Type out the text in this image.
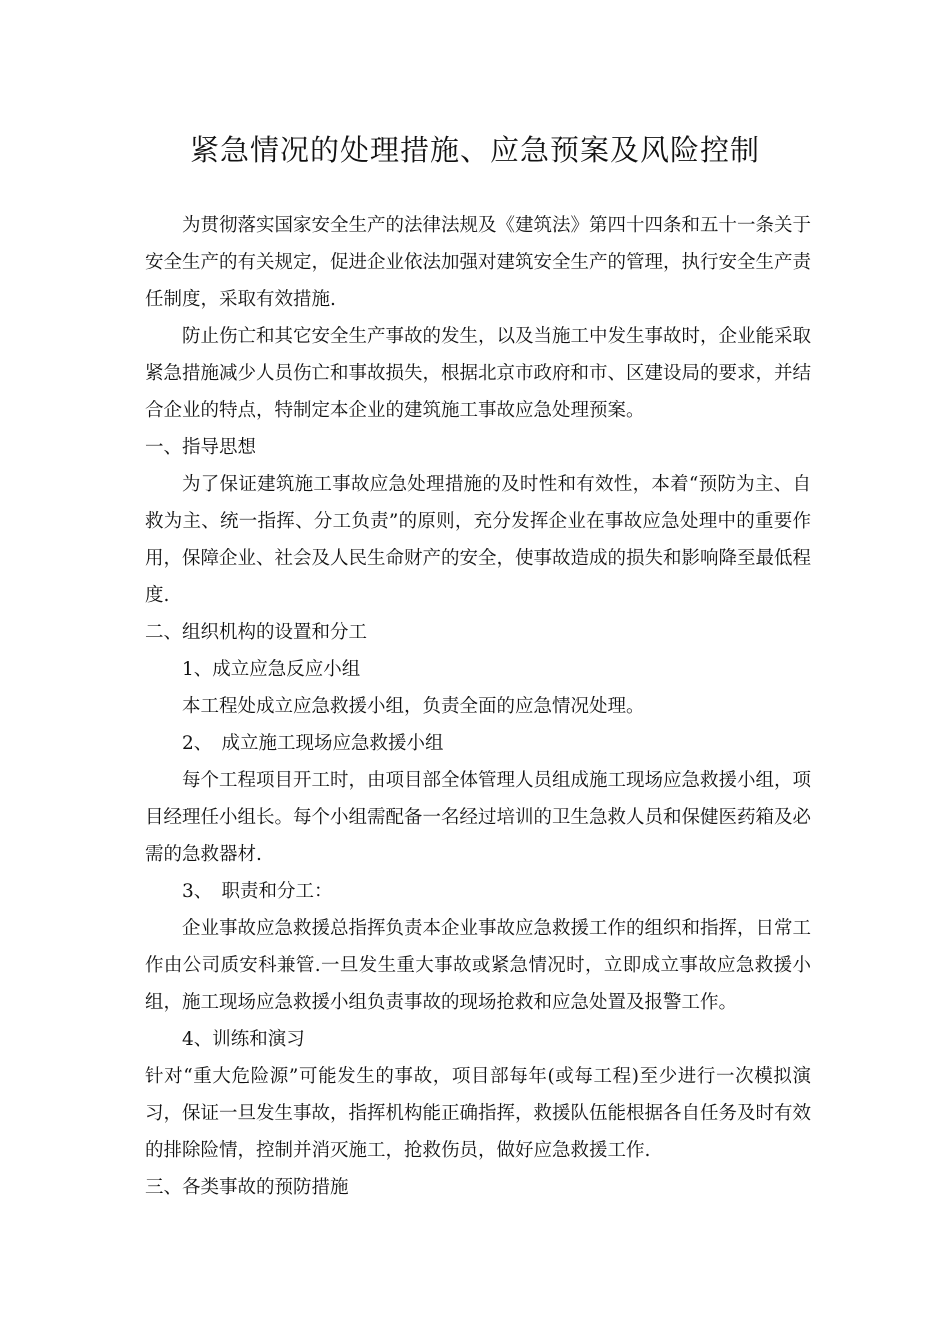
紧急情况的处理措施、应急预案及风险控制

为贯彻落实国家安全生产的法律法规及《建筑法》第四十四条和五十一条关于安全生产的有关规定，促进企业依法加强对建筑安全生产的管理，执行安全生产责任制度，采取有效措施.

防止伤亡和其它安全生产事故的发生，以及当施工中发生事故时，企业能采取紧急措施减少人员伤亡和事故损失，根据北京市政府和市、区建设局的要求，并结合企业的特点，特制定本企业的建筑施工事故应急处理预案。

一、指导思想

为了保证建筑施工事故应急处理措施的及时性和有效性，本着“预防为主、自救为主、统一指挥、分工负责”的原则，充分发挥企业在事故应急处理中的重要作用，保障企业、社会及人民生命财产的安全，使事故造成的损失和影响降至最低程度.

二、组织机构的设置和分工

1、成立应急反应小组

本工程处成立应急救援小组，负责全面的应急情况处理。

2、　成立施工现场应急救援小组

每个工程项目开工时，由项目部全体管理人员组成施工现场应急救援小组，项目经理任小组长。每个小组需配备一名经过培训的卫生急救人员和保健医药箱及必需的急救器材.

3、　职责和分工：

企业事故应急救援总指挥负责本企业事故应急救援工作的组织和指挥，日常工作由公司质安科兼管.一旦发生重大事故或紧急情况时，立即成立事故应急救援小组，施工现场应急救援小组负责事故的现场抢救和应急处置及报警工作。

4、训练和演习

针对“重大危险源”可能发生的事故，项目部每年(或每工程)至少进行一次模拟演习，保证一旦发生事故，指挥机构能正确指挥，救援队伍能根据各自任务及时有效的排除险情，控制并消灭施工，抢救伤员，做好应急救援工作.

三、各类事故的预防措施
